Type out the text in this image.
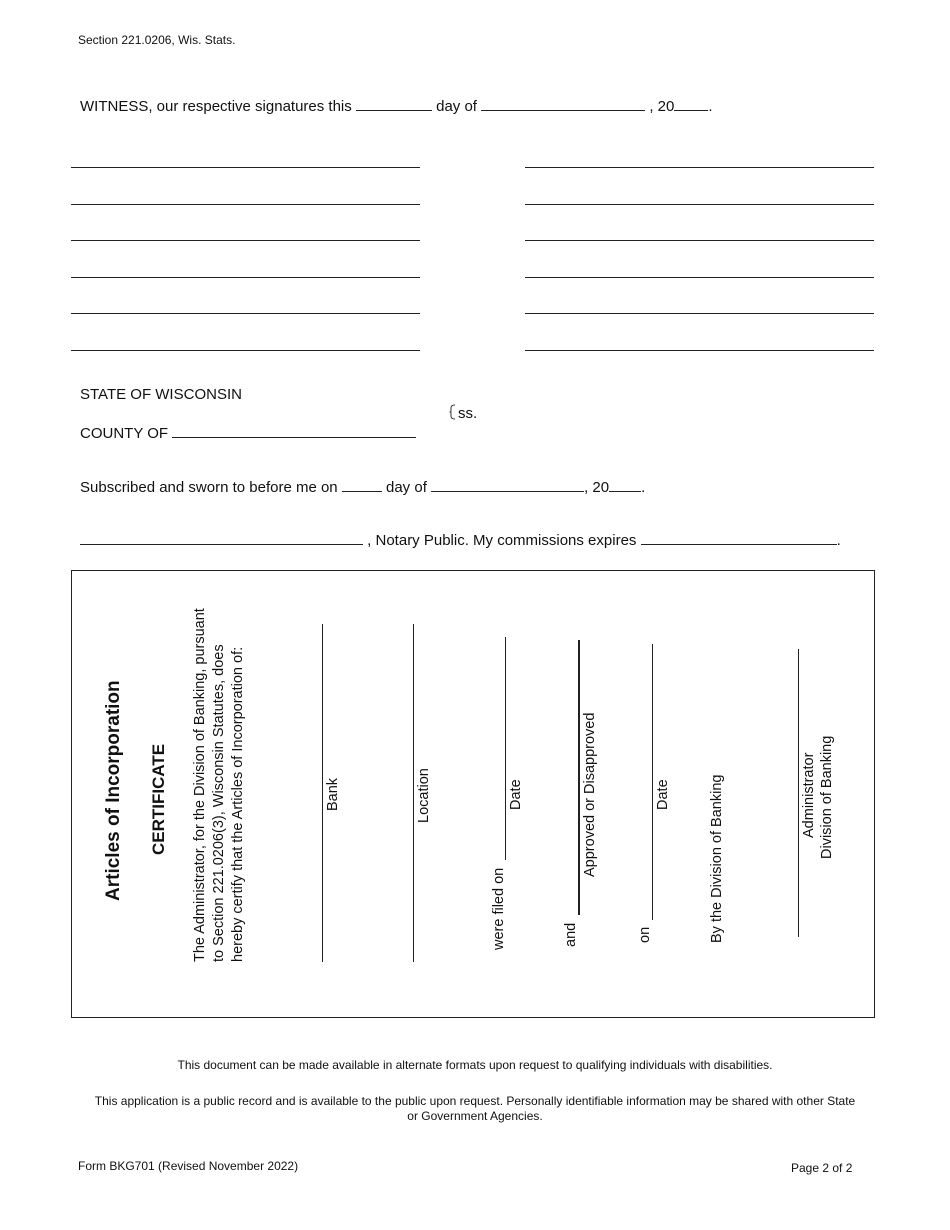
Section 221.0206, Wis. Stats.
WITNESS, our respective signatures this	day of	, 20 .
STATE OF WISCONSIN
COUNTY OF
ss.
Subscribed and sworn to before me on	day of	, 20 .
, Notary Public. My commissions expires	.
Articles of Incorporation CERTIFICATE The Administrator, for the Division of Banking, pursuant to Section 221.0206(3), Wisconsin Statutes, does hereby certify that the Articles of Incorporation of:	Bank	Location
were filed on
Date
and
Approved or Disapproved
on
Date	By the Division of Banking	Administrator Division of Banking
This document can be made available in alternate formats upon request to qualifying individuals with disabilities.
This application is a public record and is available to the public upon request. Personally identifiable information may be shared with other State
or Government Agencies.
Form BKG701 (Revised November 2022)	Page 2 of 2
